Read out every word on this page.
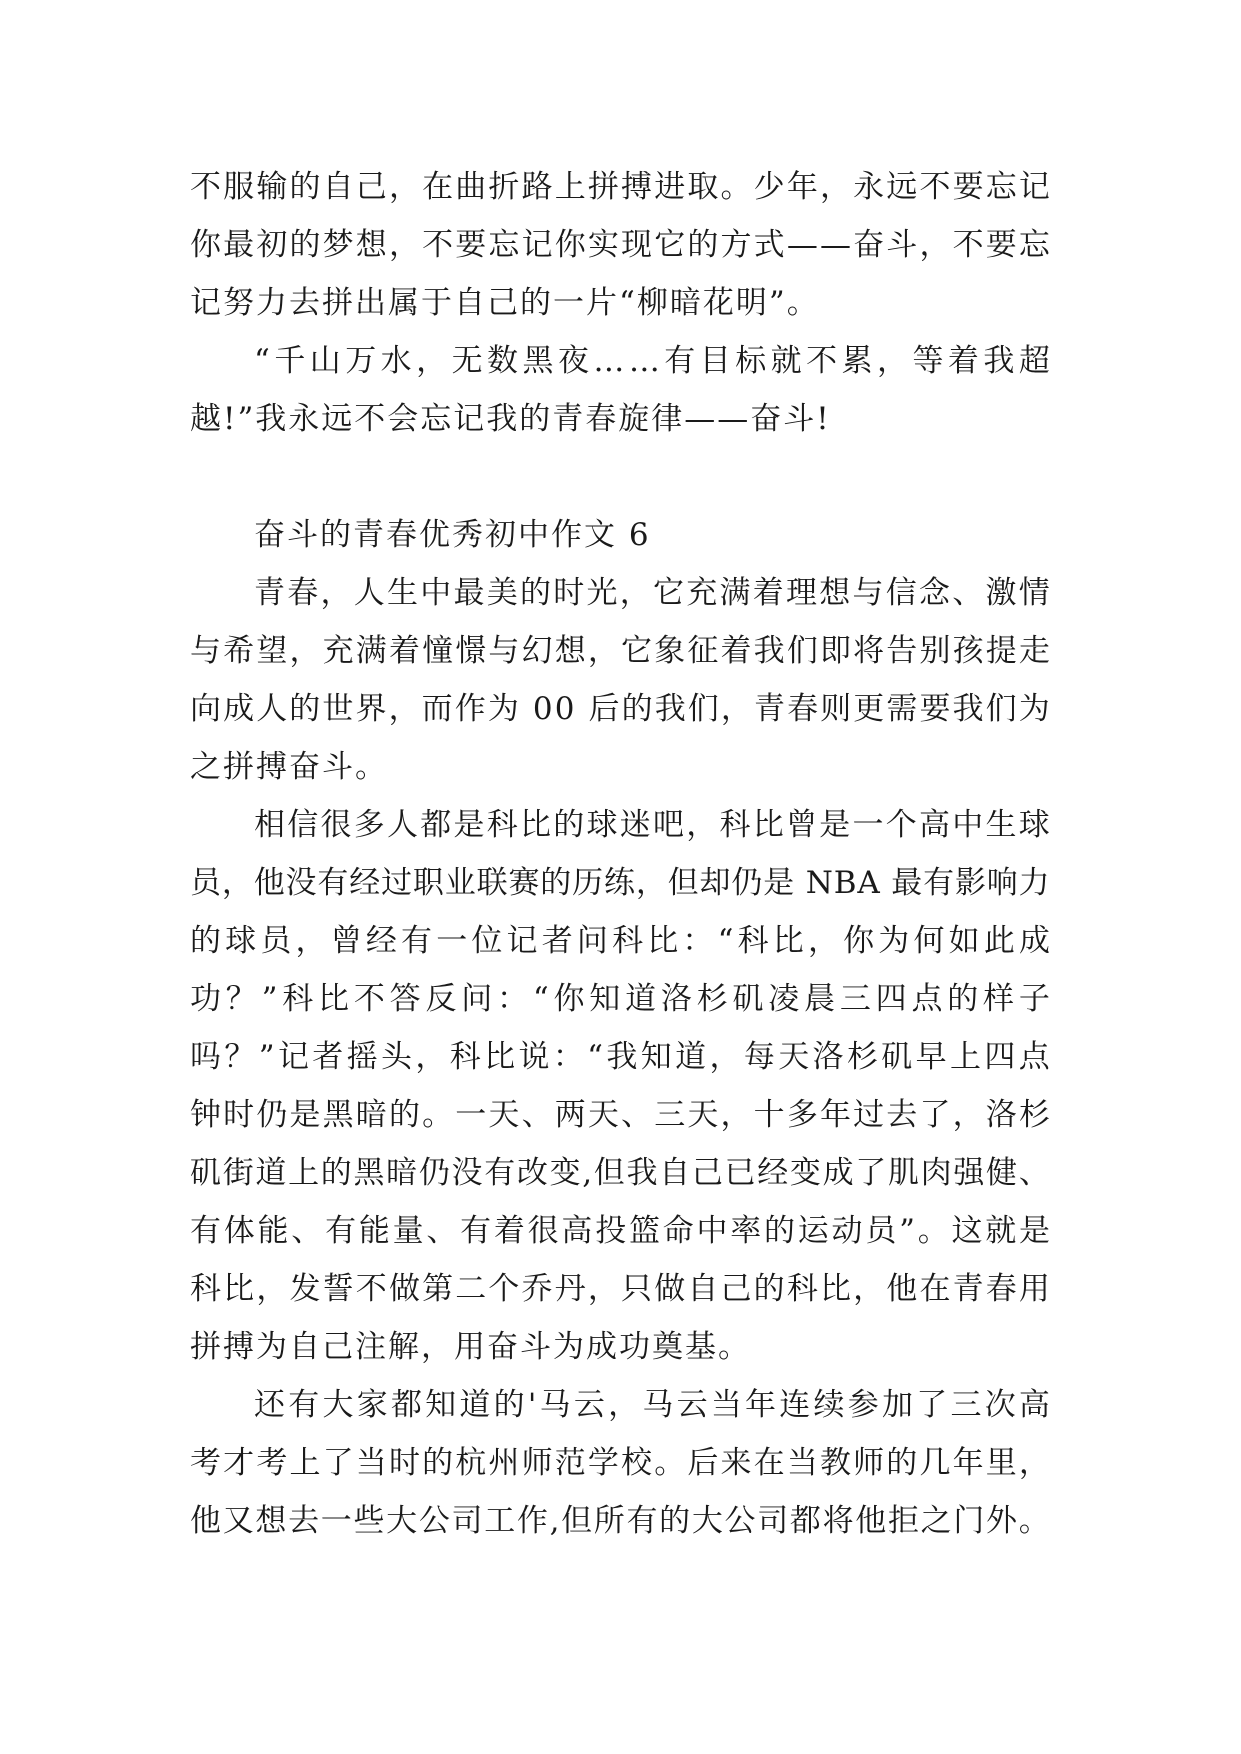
不 服 输 的 自 己 ， 在 曲 折 路 上 拼 搏 进 取 。 少 年 ， 永 远 不 要 忘 记
你 最 初 的 梦 想 ， 不 要 忘 记 你 实 现 它 的 方 式 — — 奋 斗 ， 不 要 忘
记努力去拼出属于自己的一片“柳暗花明”。
“ 千 山 万 水 ， 无 数 黑 夜 … … 有 目 标 就 不 累 ， 等 着 我 超
越!”我永远不会忘记我的青春旋律——奋斗!
奋斗的青春优秀初中作文 6
青 春 ， 人 生 中 最 美 的 时 光 ， 它 充 满 着 理 想 与 信 念 、 激 情
与 希 望 ， 充 满 着 憧 憬 与 幻 想 ， 它 象 征 着 我 们 即 将 告 别 孩 提 走
向 成 人 的 世 界 ， 而 作 为
0 0
后 的 我 们 ， 青 春 则 更 需 要 我 们 为
之拼搏奋斗。
相 信 很 多 人 都 是 科 比 的 球 迷 吧 ， 科 比 曾 是 一 个 高 中 生 球
员 ， 他 没 有 经 过 职 业 联 赛 的 历 练 ， 但 却 仍 是
N B A
最 有 影 响 力
的 球 员 ， 曾 经 有 一 位 记 者 问 科 比 ： “ 科 比 ， 你 为 何 如 此 成
功 ？ ” 科 比 不 答 反 问 ： “ 你 知 道 洛 杉 矶 凌 晨 三 四 点 的 样 子
吗 ？ ” 记 者 摇 头 ， 科 比 说 ： “ 我 知 道 ， 每 天 洛 杉 矶 早 上 四 点
钟 时 仍 是 黑 暗 的 。 一 天 、 两 天 、 三 天 ， 十 多 年 过 去 了 ， 洛 杉
矶 街 道 上 的 黑 暗 仍 没 有 改 变 , 但 我 自 己 已 经 变 成 了 肌 肉 强 健 、
有 体 能 、 有 能 量 、 有 着 很 高 投 篮 命 中 率 的 运 动 员 ” 。 这 就 是
科 比 ， 发 誓 不 做 第 二 个 乔 丹 ， 只 做 自 己 的 科 比 ， 他 在 青 春 用
拼搏为自己注解，用奋斗为成功奠基。
还 有 大 家 都 知 道 的 ' 马 云 ， 马 云 当 年 连 续 参 加 了 三 次 高
考 才 考 上 了 当 时 的 杭 州 师 范 学 校 。 后 来 在 当 教 师 的 几 年 里 ，
他 又 想 去 一 些 大 公 司 工 作 , 但 所 有 的 大 公 司 都 将 他 拒 之 门 外 。
